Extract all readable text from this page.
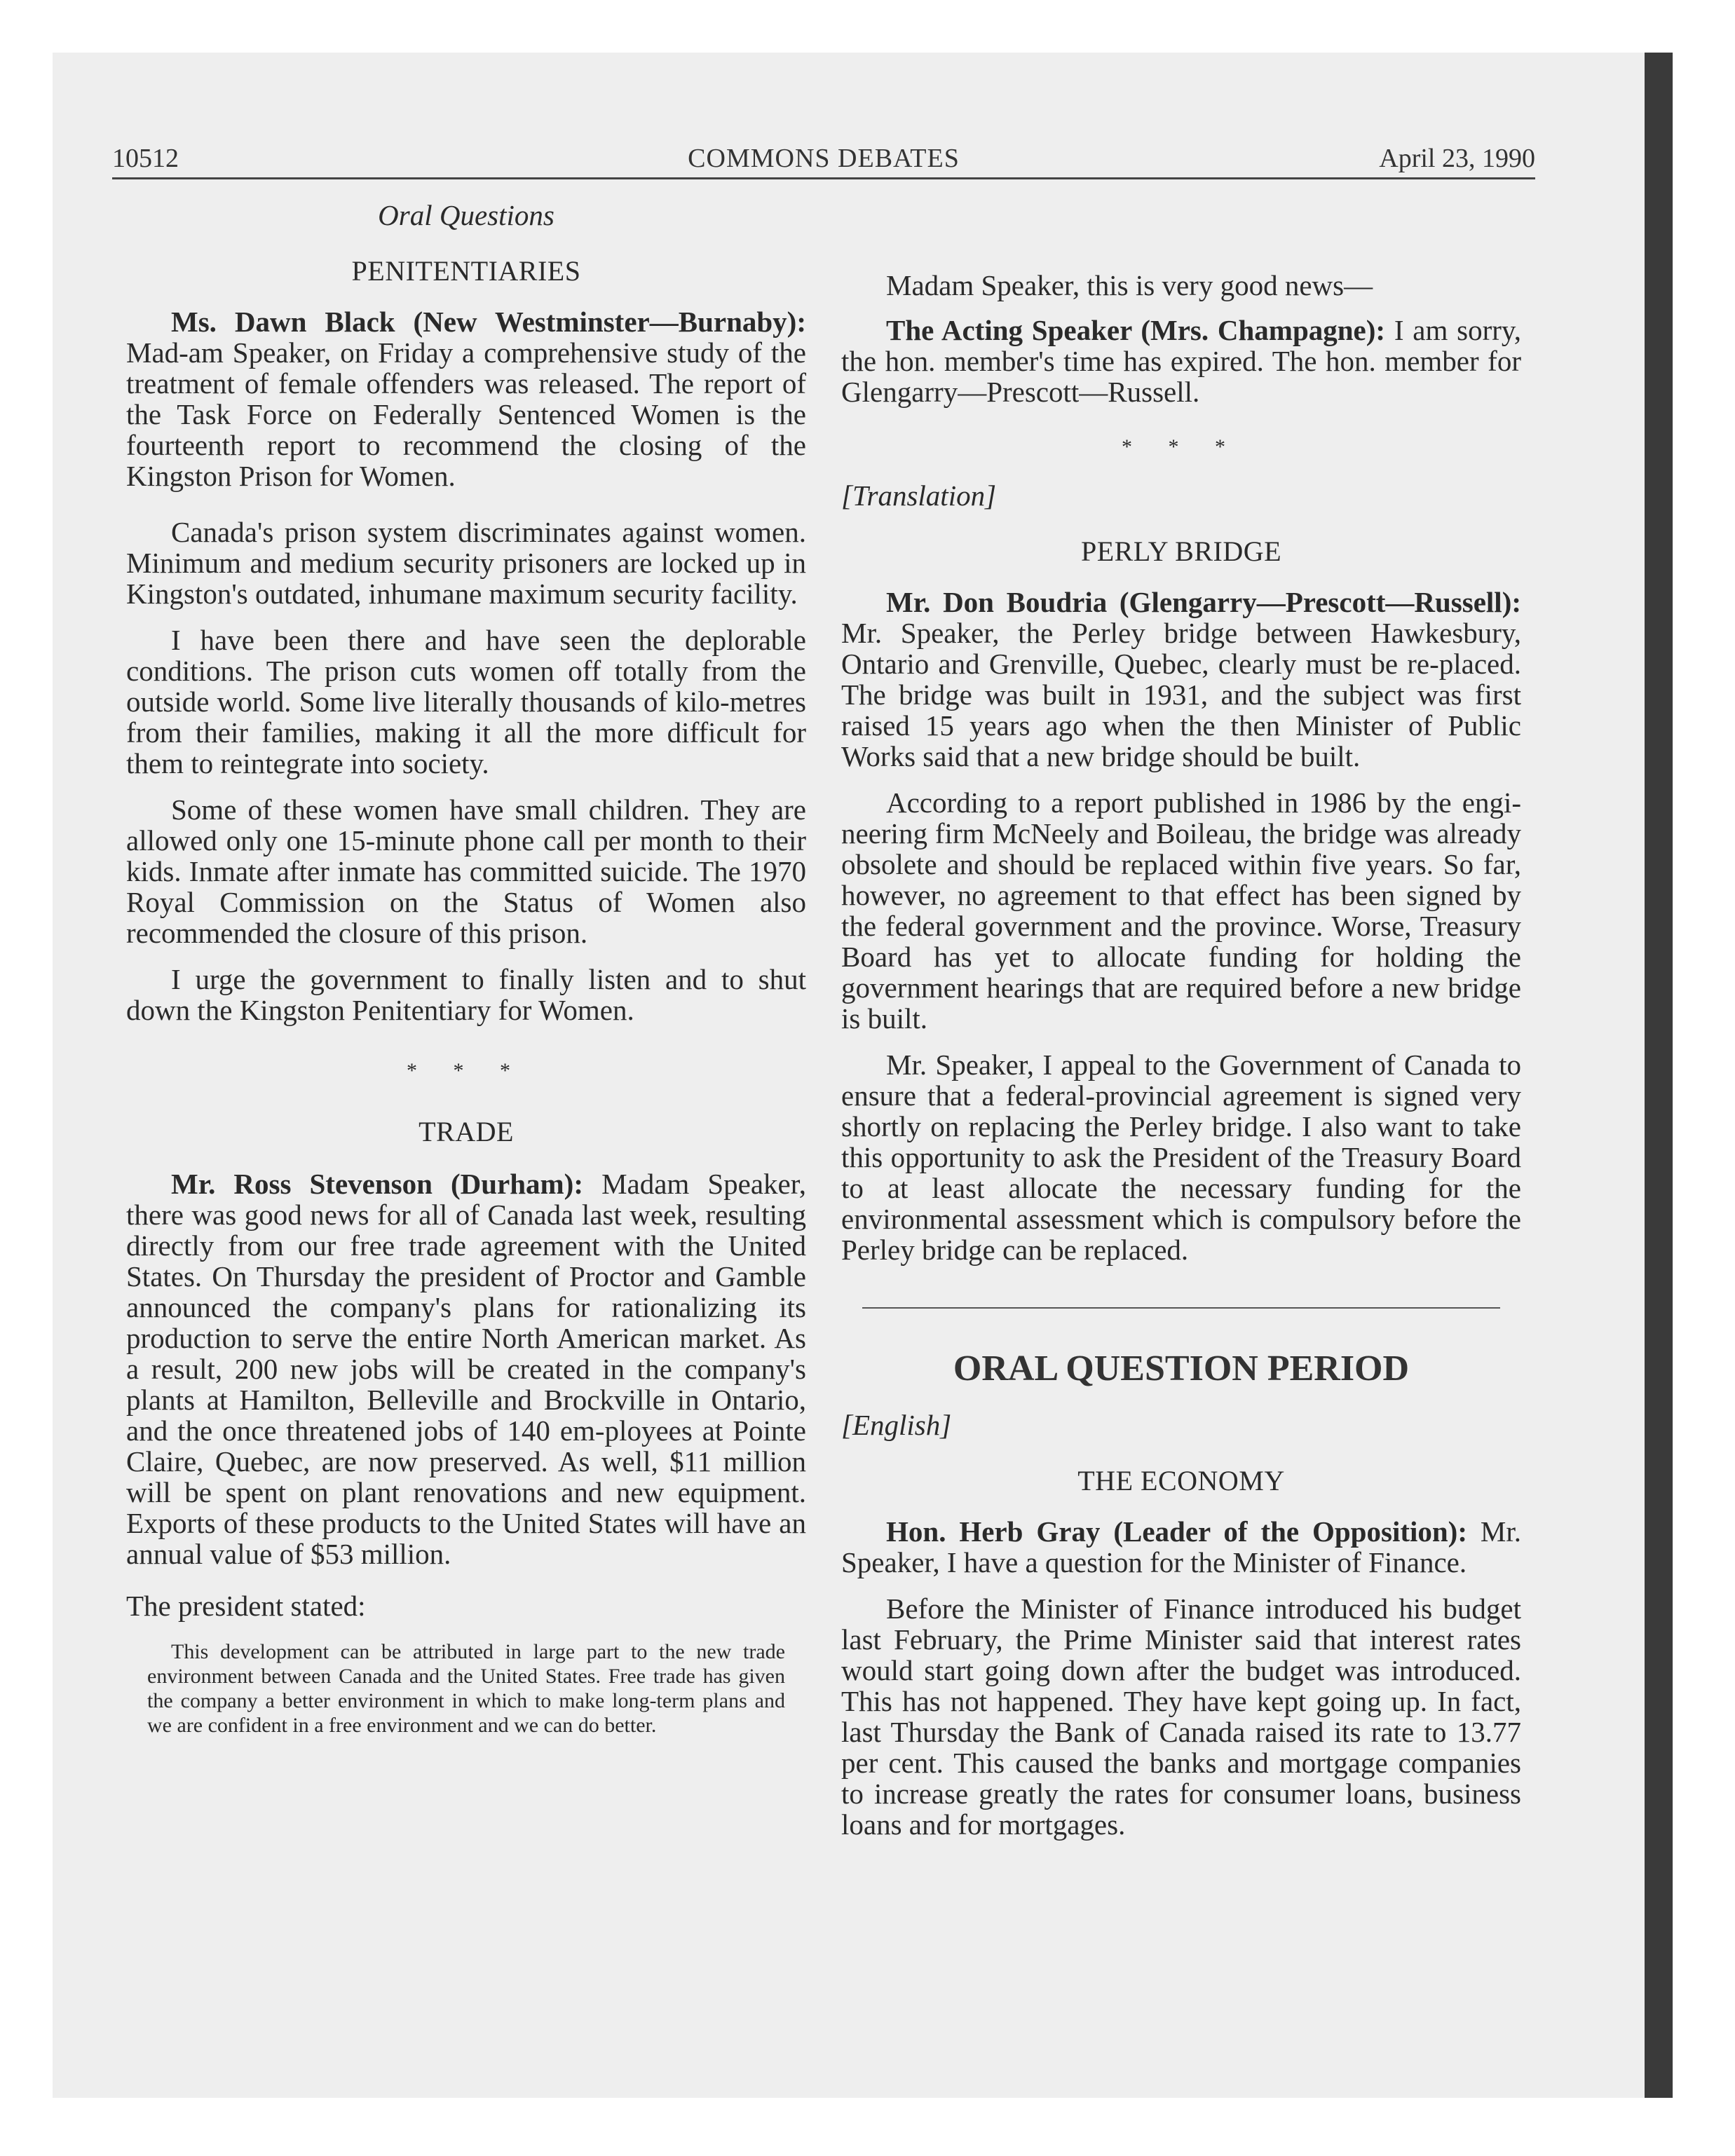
10512	COMMONS DEBATES	April 23, 1990

Oral Questions

PENITENTIARIES

Ms. Dawn Black (New Westminster—Burnaby): Mad-am Speaker, on Friday a comprehensive study of the treatment of female offenders was released. The report of the Task Force on Federally Sentenced Women is the fourteenth report to recommend the closing of the Kingston Prison for Women.

Canada's prison system discriminates against women. Minimum and medium security prisoners are locked up in Kingston's outdated, inhumane maximum security facility.

I have been there and have seen the deplorable conditions. The prison cuts women off totally from the outside world. Some live literally thousands of kilo-metres from their families, making it all the more difficult for them to reintegrate into society.

Some of these women have small children. They are allowed only one 15-minute phone call per month to their kids. Inmate after inmate has committed suicide. The 1970 Royal Commission on the Status of Women also recommended the closure of this prison.

I urge the government to finally listen and to shut down the Kingston Penitentiary for Women.

* * *
TRADE

Mr. Ross Stevenson (Durham): Madam Speaker, there was good news for all of Canada last week, resulting directly from our free trade agreement with the United States. On Thursday the president of Proctor and Gamble announced the company's plans for rationalizing its production to serve the entire North American market. As a result, 200 new jobs will be created in the company's plants at Hamilton, Belleville and Brockville in Ontario, and the once threatened jobs of 140 em-ployees at Pointe Claire, Quebec, are now preserved. As well, $11 million will be spent on plant renovations and new equipment. Exports of these products to the United States will have an annual value of $53 million.

The president stated:

This development can be attributed in large part to the new trade environment between Canada and the United States. Free trade has given the company a better environment in which to make long-term plans and we are confident in a free environment and we can do better.

Madam Speaker, this is very good news—

The Acting Speaker (Mrs. Champagne): I am sorry, the hon. member's time has expired. The hon. member for Glengarry—Prescott—Russell.

* * *

[Translation]

PERLY BRIDGE

Mr. Don Boudria (Glengarry—Prescott—Russell): Mr. Speaker, the Perley bridge between Hawkesbury, Ontario and Grenville, Quebec, clearly must be re-placed. The bridge was built in 1931, and the subject was first raised 15 years ago when the then Minister of Public Works said that a new bridge should be built.

According to a report published in 1986 by the engi-neering firm McNeely and Boileau, the bridge was already obsolete and should be replaced within five years. So far, however, no agreement to that effect has been signed by the federal government and the province. Worse, Treasury Board has yet to allocate funding for holding the government hearings that are required before a new bridge is built.

Mr. Speaker, I appeal to the Government of Canada to ensure that a federal-provincial agreement is signed very shortly on replacing the Perley bridge. I also want to take this opportunity to ask the President of the Treasury Board to at least allocate the necessary funding for the environmental assessment which is compulsory before the Perley bridge can be replaced.

ORAL QUESTION PERIOD

[English]

THE ECONOMY

Hon. Herb Gray (Leader of the Opposition): Mr. Speaker, I have a question for the Minister of Finance.

Before the Minister of Finance introduced his budget last February, the Prime Minister said that interest rates would start going down after the budget was introduced. This has not happened. They have kept going up. In fact, last Thursday the Bank of Canada raised its rate to 13.77 per cent. This caused the banks and mortgage companies to increase greatly the rates for consumer loans, business loans and for mortgages.
